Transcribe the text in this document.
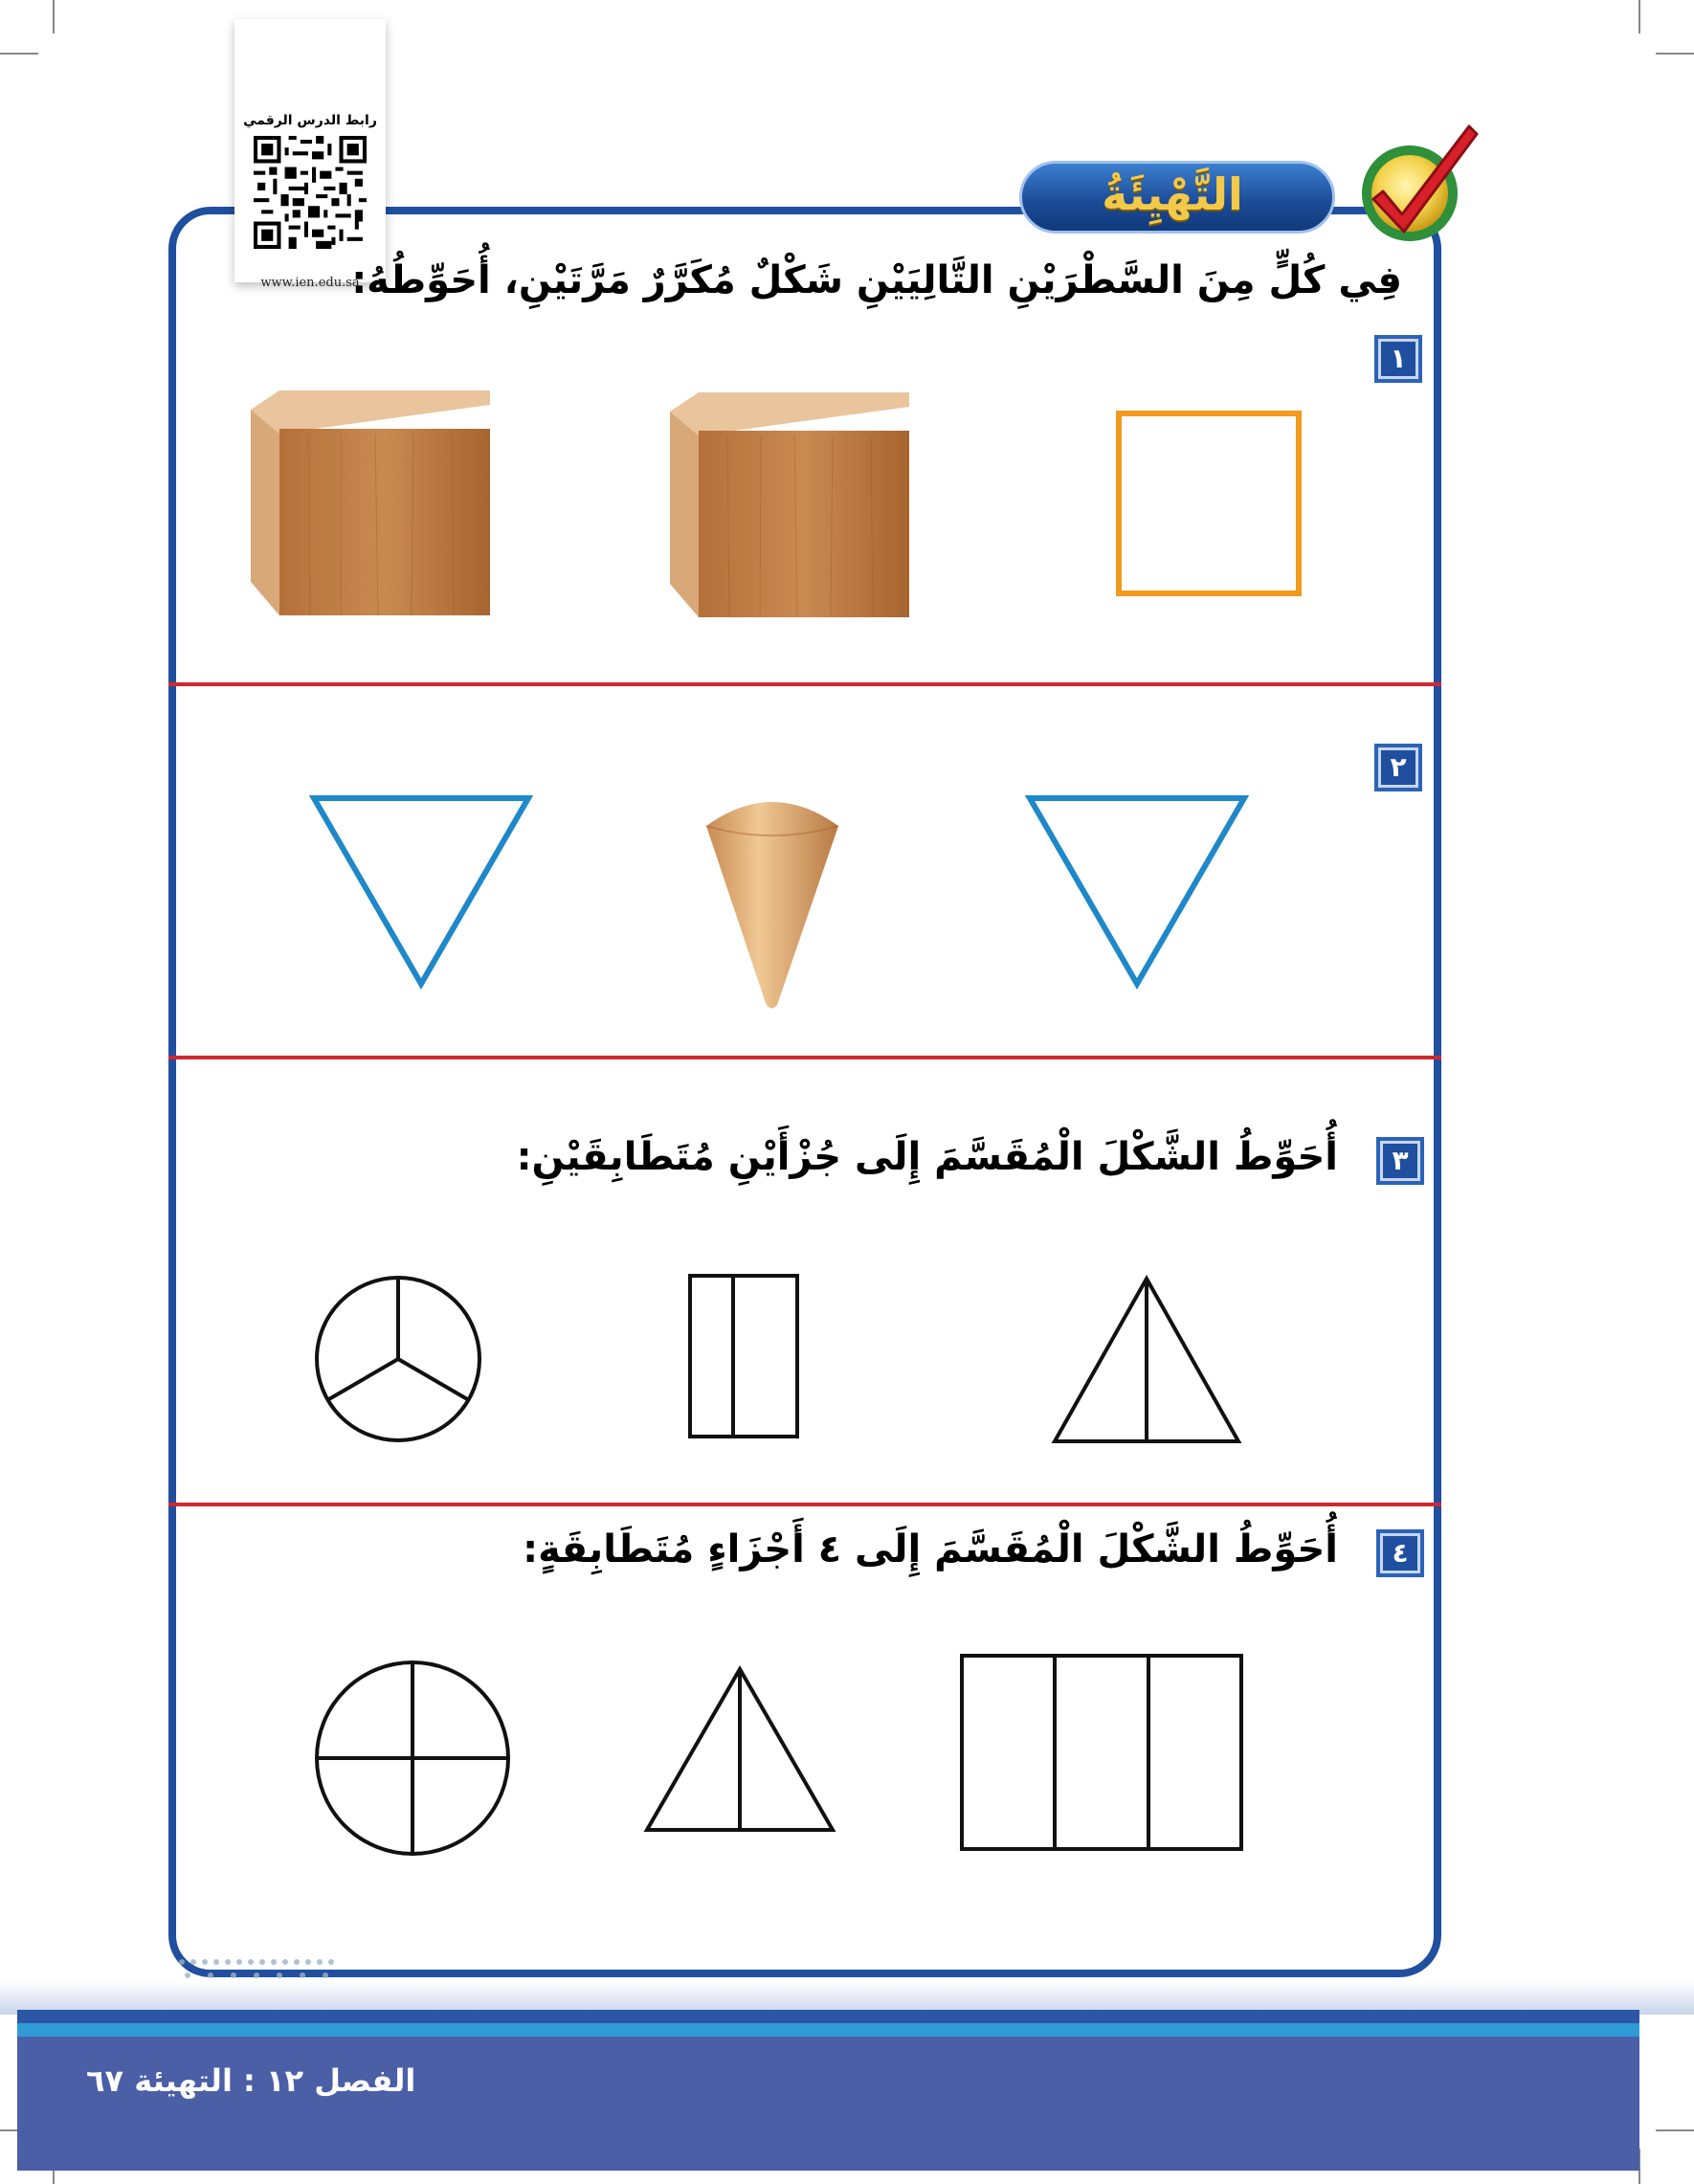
رابط الدرس الرقمي
www.ien.edu.sa
التَّهْيِئَةُ
فِي كُلٍّ مِنَ السَّطْرَيْنِ التَّالِيَيْنِ شَكْلٌ مُكَرَّرٌ مَرَّتَيْنِ، أُحَوِّطُهُ:
١
٢
٣
أُحَوِّطُ الشَّكْلَ الْمُقَسَّمَ إِلَى جُزْأَيْنِ مُتَطَابِقَيْنِ:
٤
أُحَوِّطُ الشَّكْلَ الْمُقَسَّمَ إِلَى ٤ أَجْزَاءٍ مُتَطَابِقَةٍ:
الفصل ١٢ : التهيئة ٦٧
